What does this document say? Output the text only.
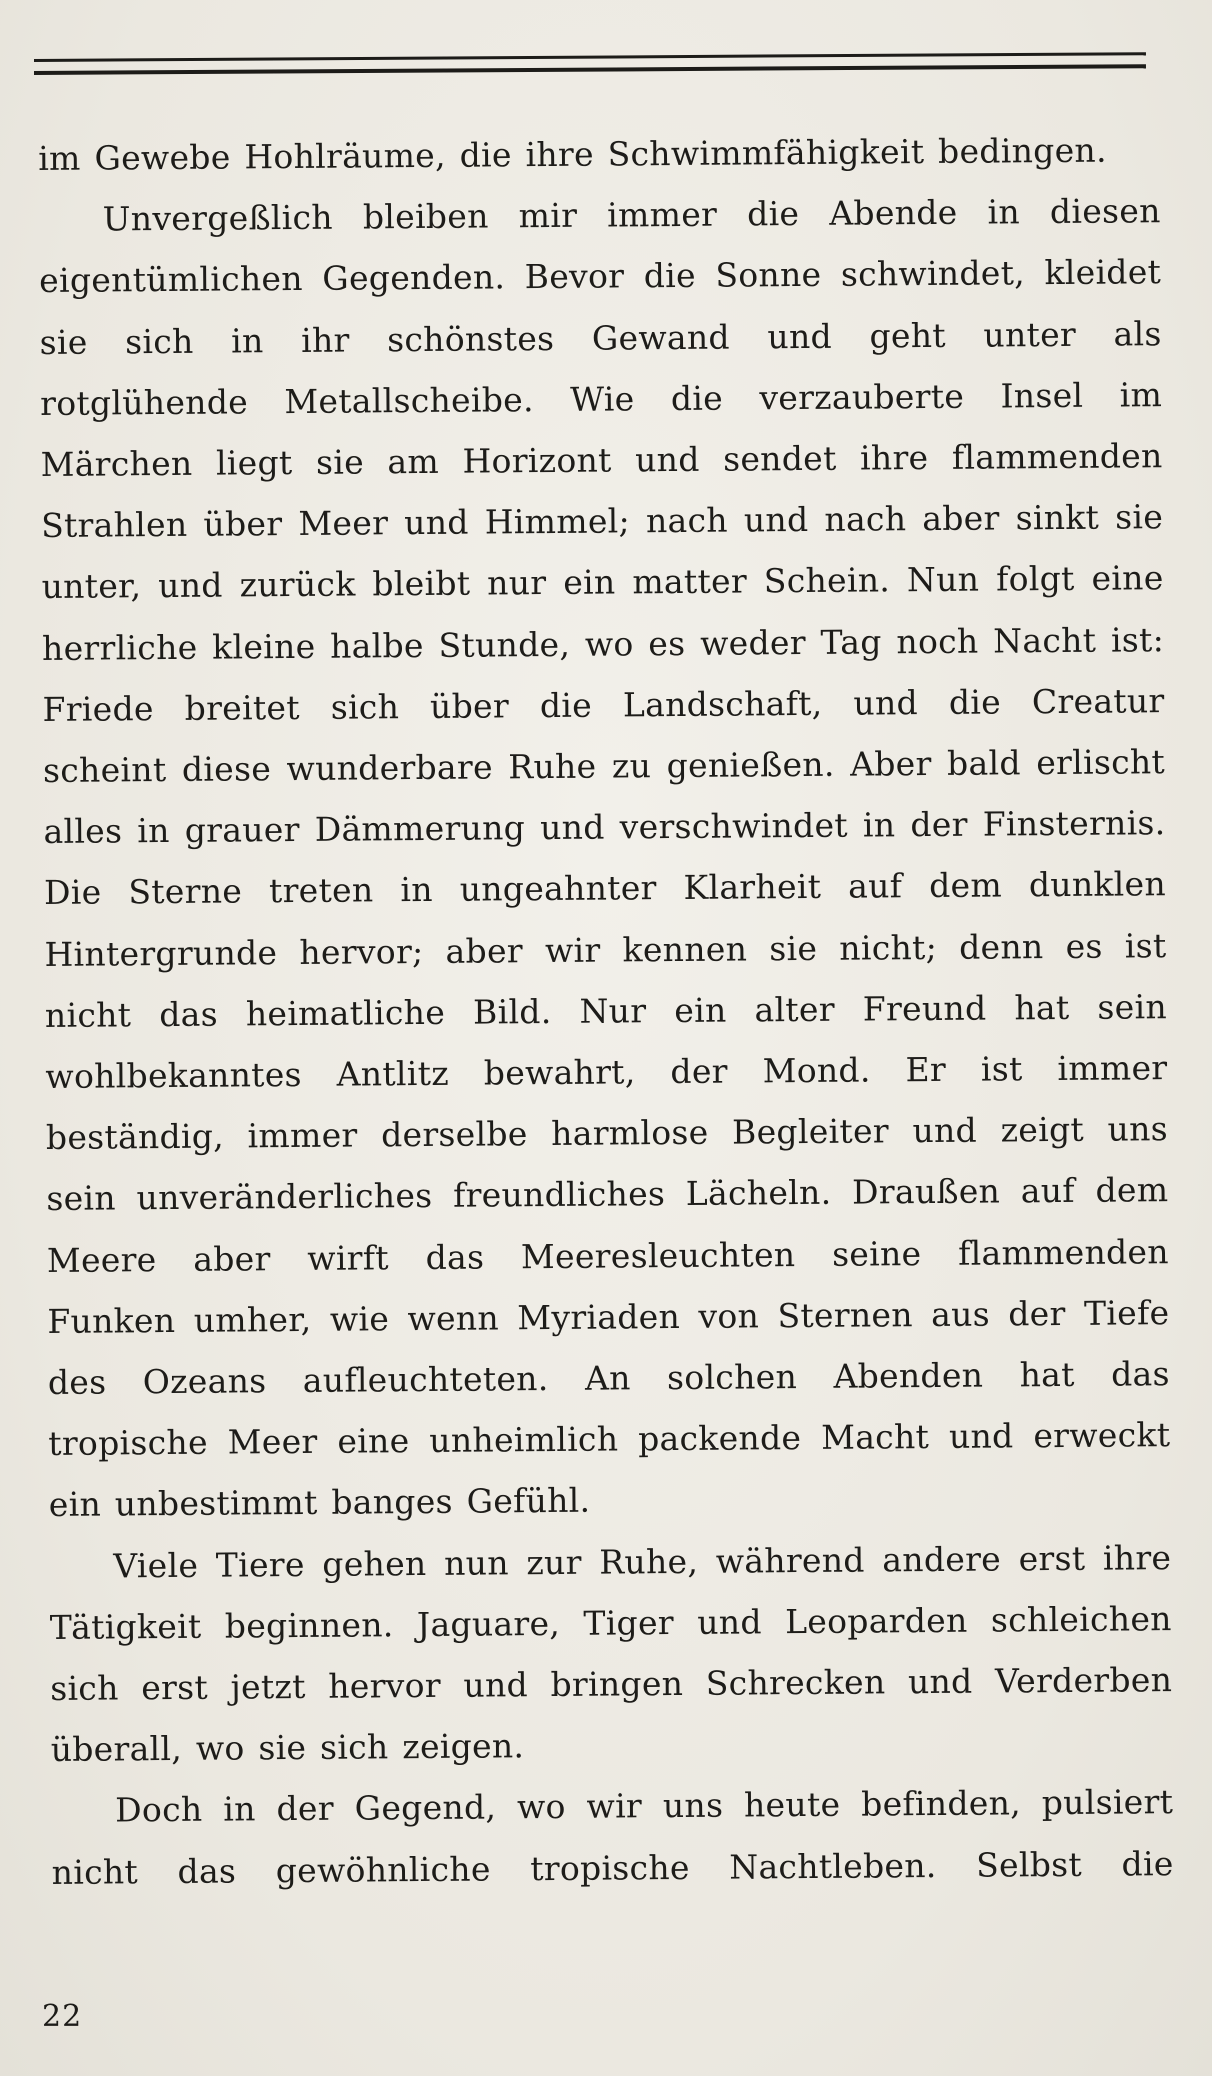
im Gewebe Hohlräume, die ihre Schwimmfähigkeit bedingen.

Unvergeßlich bleiben mir immer die Abende in diesen eigentümlichen Gegenden. Bevor die Sonne schwindet, kleidet sie sich in ihr schönstes Gewand und geht unter als rotglühende Metallscheibe. Wie die verzauberte Insel im Märchen liegt sie am Horizont und sendet ihre flammenden Strahlen über Meer und Himmel; nach und nach aber sinkt sie unter, und zurück bleibt nur ein matter Schein. Nun folgt eine herrliche kleine halbe Stunde, wo es weder Tag noch Nacht ist: Friede breitet sich über die Landschaft, und die Creatur scheint diese wunderbare Ruhe zu genießen. Aber bald erlischt alles in grauer Dämmerung und verschwindet in der Finsternis. Die Sterne treten in ungeahnter Klarheit auf dem dunklen Hintergrunde hervor; aber wir kennen sie nicht; denn es ist nicht das heimatliche Bild. Nur ein alter Freund hat sein wohlbekanntes Antlitz bewahrt, der Mond. Er ist immer beständig, immer derselbe harmlose Begleiter und zeigt uns sein unveränderliches freundliches Lächeln. Draußen auf dem Meere aber wirft das Meeresleuchten seine flammenden Funken umher, wie wenn Myriaden von Sternen aus der Tiefe des Ozeans aufleuchteten. An solchen Abenden hat das tropische Meer eine unheimlich packende Macht und erweckt ein unbestimmt banges Gefühl.

Viele Tiere gehen nun zur Ruhe, während andere erst ihre Tätigkeit beginnen. Jaguare, Tiger und Leoparden schleichen sich erst jetzt hervor und bringen Schrecken und Verderben überall, wo sie sich zeigen.

Doch in der Gegend, wo wir uns heute befinden, pulsiert nicht das gewöhnliche tropische Nachtleben. Selbst die

22
